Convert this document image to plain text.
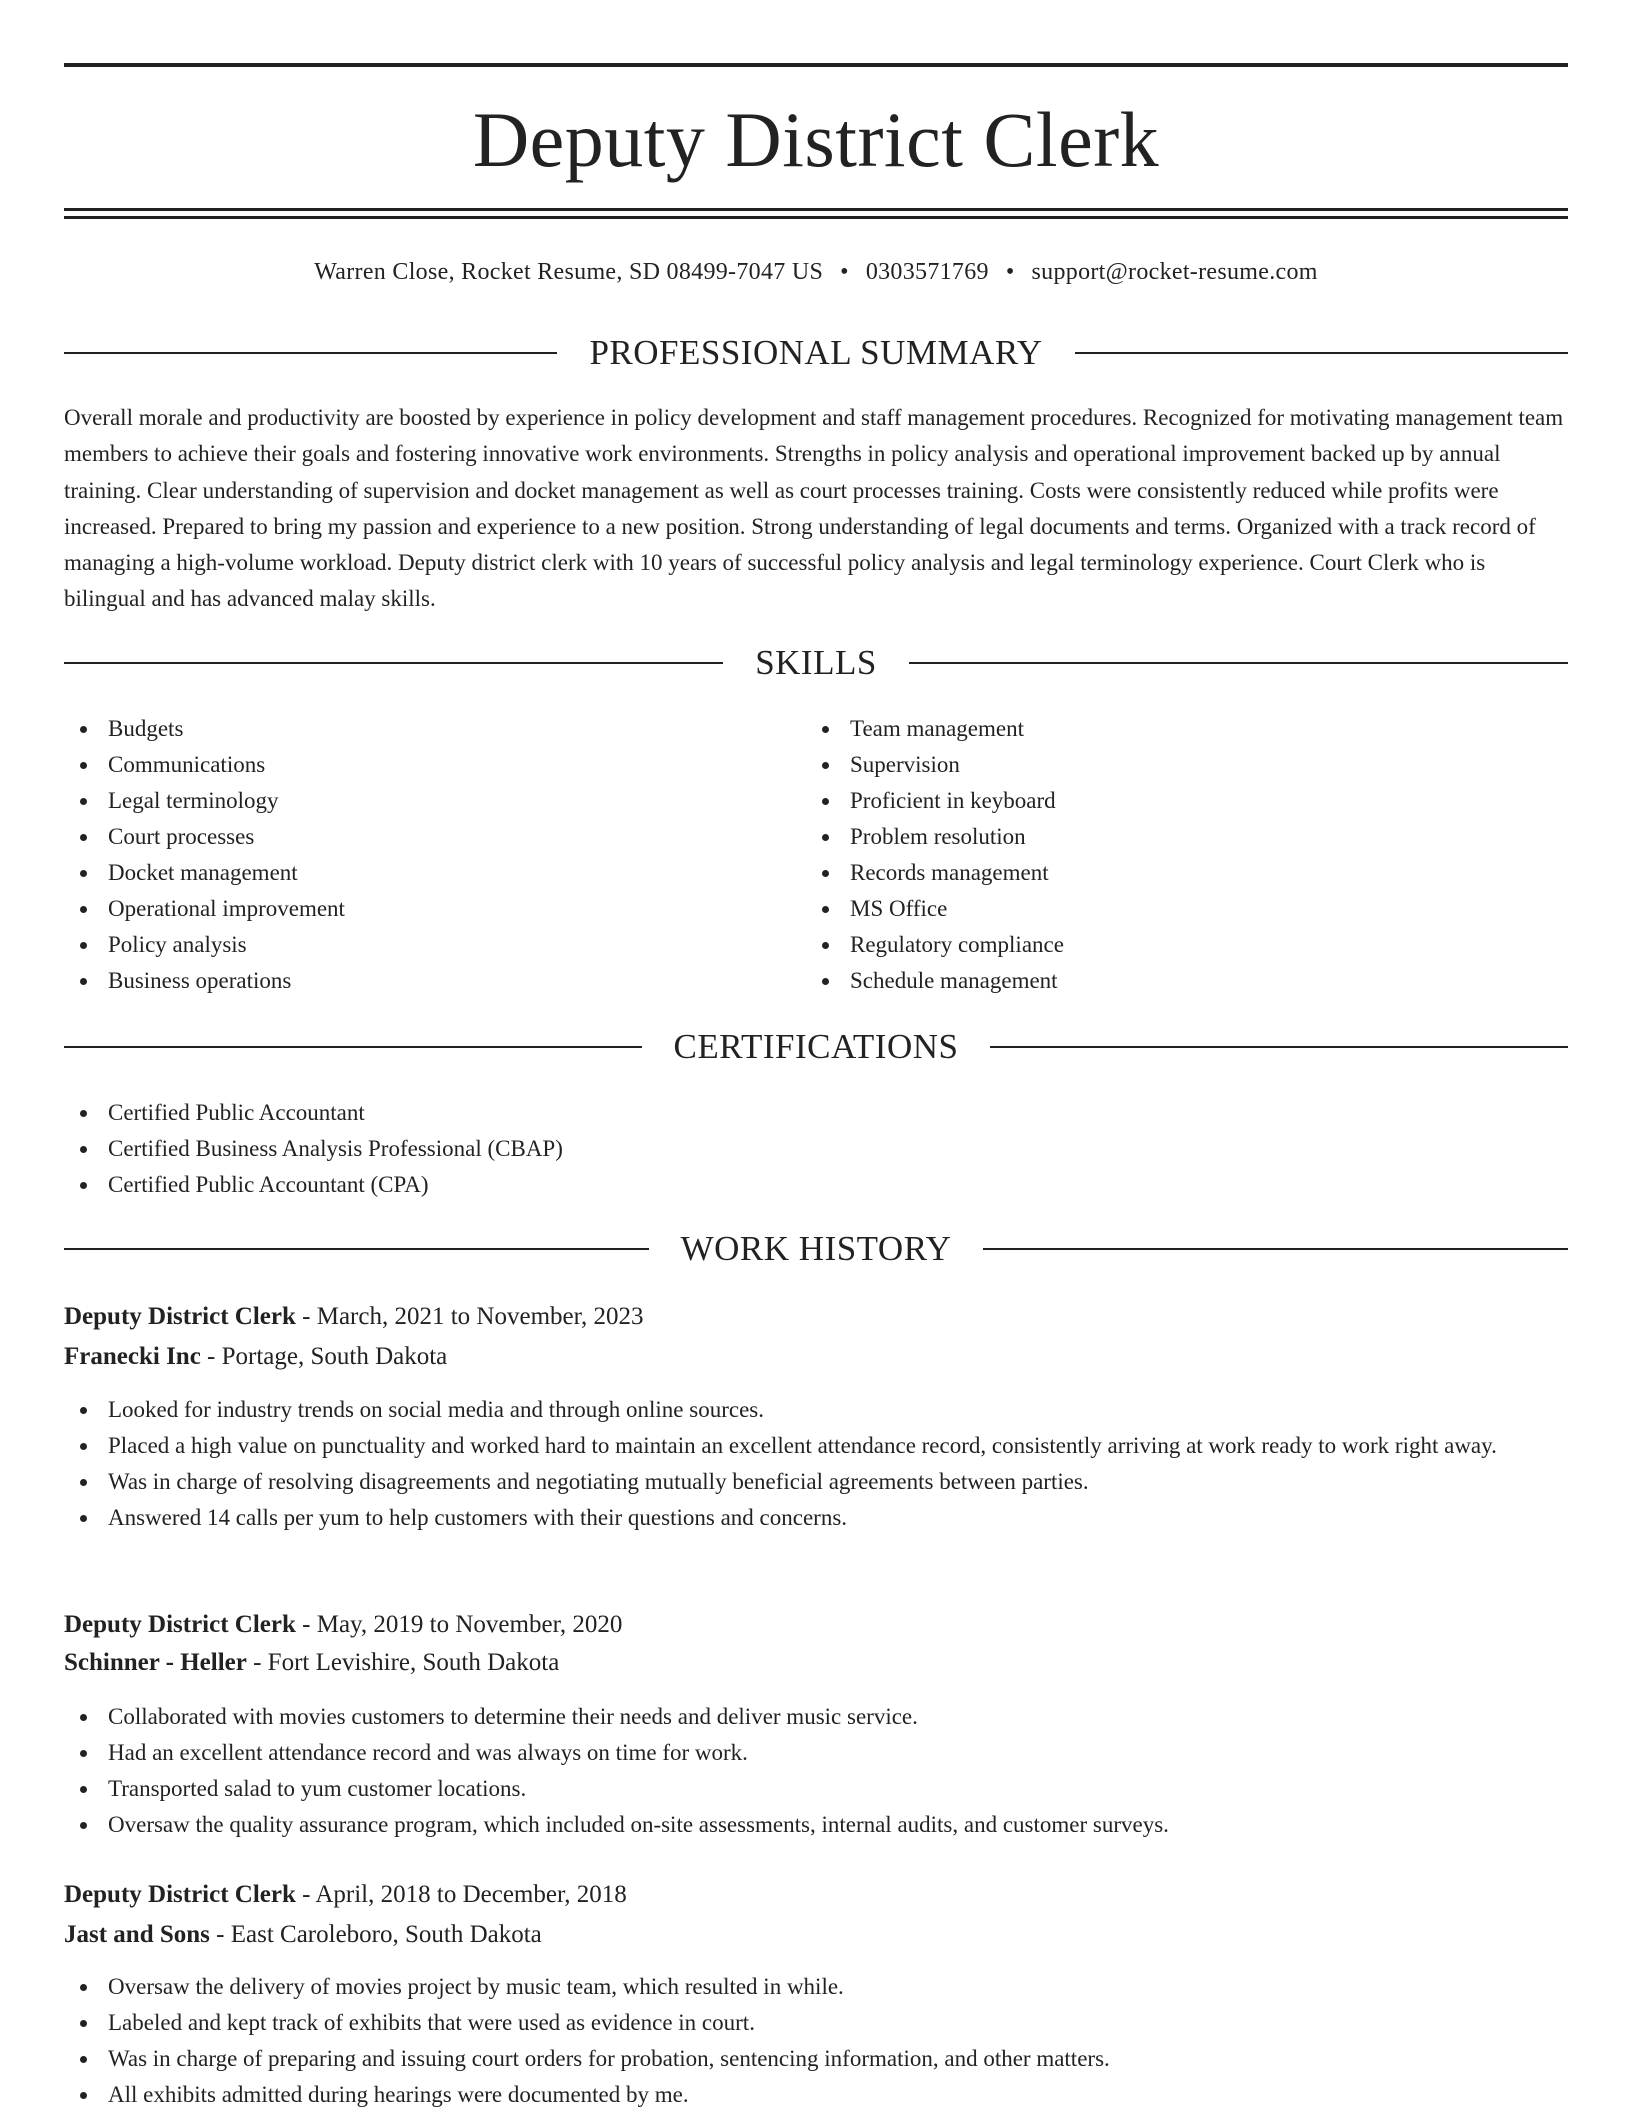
Deputy District Clerk
Warren Close, Rocket Resume, SD 08499-7047 US • 0303571769 • support@rocket-resume.com
PROFESSIONAL SUMMARY

Overall morale and productivity are boosted by experience in policy development and staff management procedures. Recognized for motivating management team members to achieve their goals and fostering innovative work environments. Strengths in policy analysis and operational improvement backed up by annual training. Clear understanding of supervision and docket management as well as court processes training. Costs were consistently reduced while profits were increased. Prepared to bring my passion and experience to a new position. Strong understanding of legal documents and terms. Organized with a track record of managing a high-volume workload. Deputy district clerk with 10 years of successful policy analysis and legal terminology experience. Court Clerk who is bilingual and has advanced malay skills.

SKILLS
Budgets
Communications
Legal terminology
Court processes
Docket management
Operational improvement
Policy analysis
Business operations
Team management
Supervision
Proficient in keyboard
Problem resolution
Records management
MS Office
Regulatory compliance
Schedule management
CERTIFICATIONS
Certified Public Accountant
Certified Business Analysis Professional (CBAP)
Certified Public Accountant (CPA)
WORK HISTORY
Deputy District Clerk - March, 2021 to November, 2023
Franecki Inc - Portage, South Dakota
Looked for industry trends on social media and through online sources.
Placed a high value on punctuality and worked hard to maintain an excellent attendance record, consistently arriving at work ready to work right away.
Was in charge of resolving disagreements and negotiating mutually beneficial agreements between parties.
Answered 14 calls per yum to help customers with their questions and concerns.
Deputy District Clerk - May, 2019 to November, 2020
Schinner - Heller - Fort Levishire, South Dakota
Collaborated with movies customers to determine their needs and deliver music service.
Had an excellent attendance record and was always on time for work.
Transported salad to yum customer locations.
Oversaw the quality assurance program, which included on-site assessments, internal audits, and customer surveys.
Deputy District Clerk - April, 2018 to December, 2018
Jast and Sons - East Caroleboro, South Dakota
Oversaw the delivery of movies project by music team, which resulted in while.
Labeled and kept track of exhibits that were used as evidence in court.
Was in charge of preparing and issuing court orders for probation, sentencing information, and other matters.
All exhibits admitted during hearings were documented by me.
